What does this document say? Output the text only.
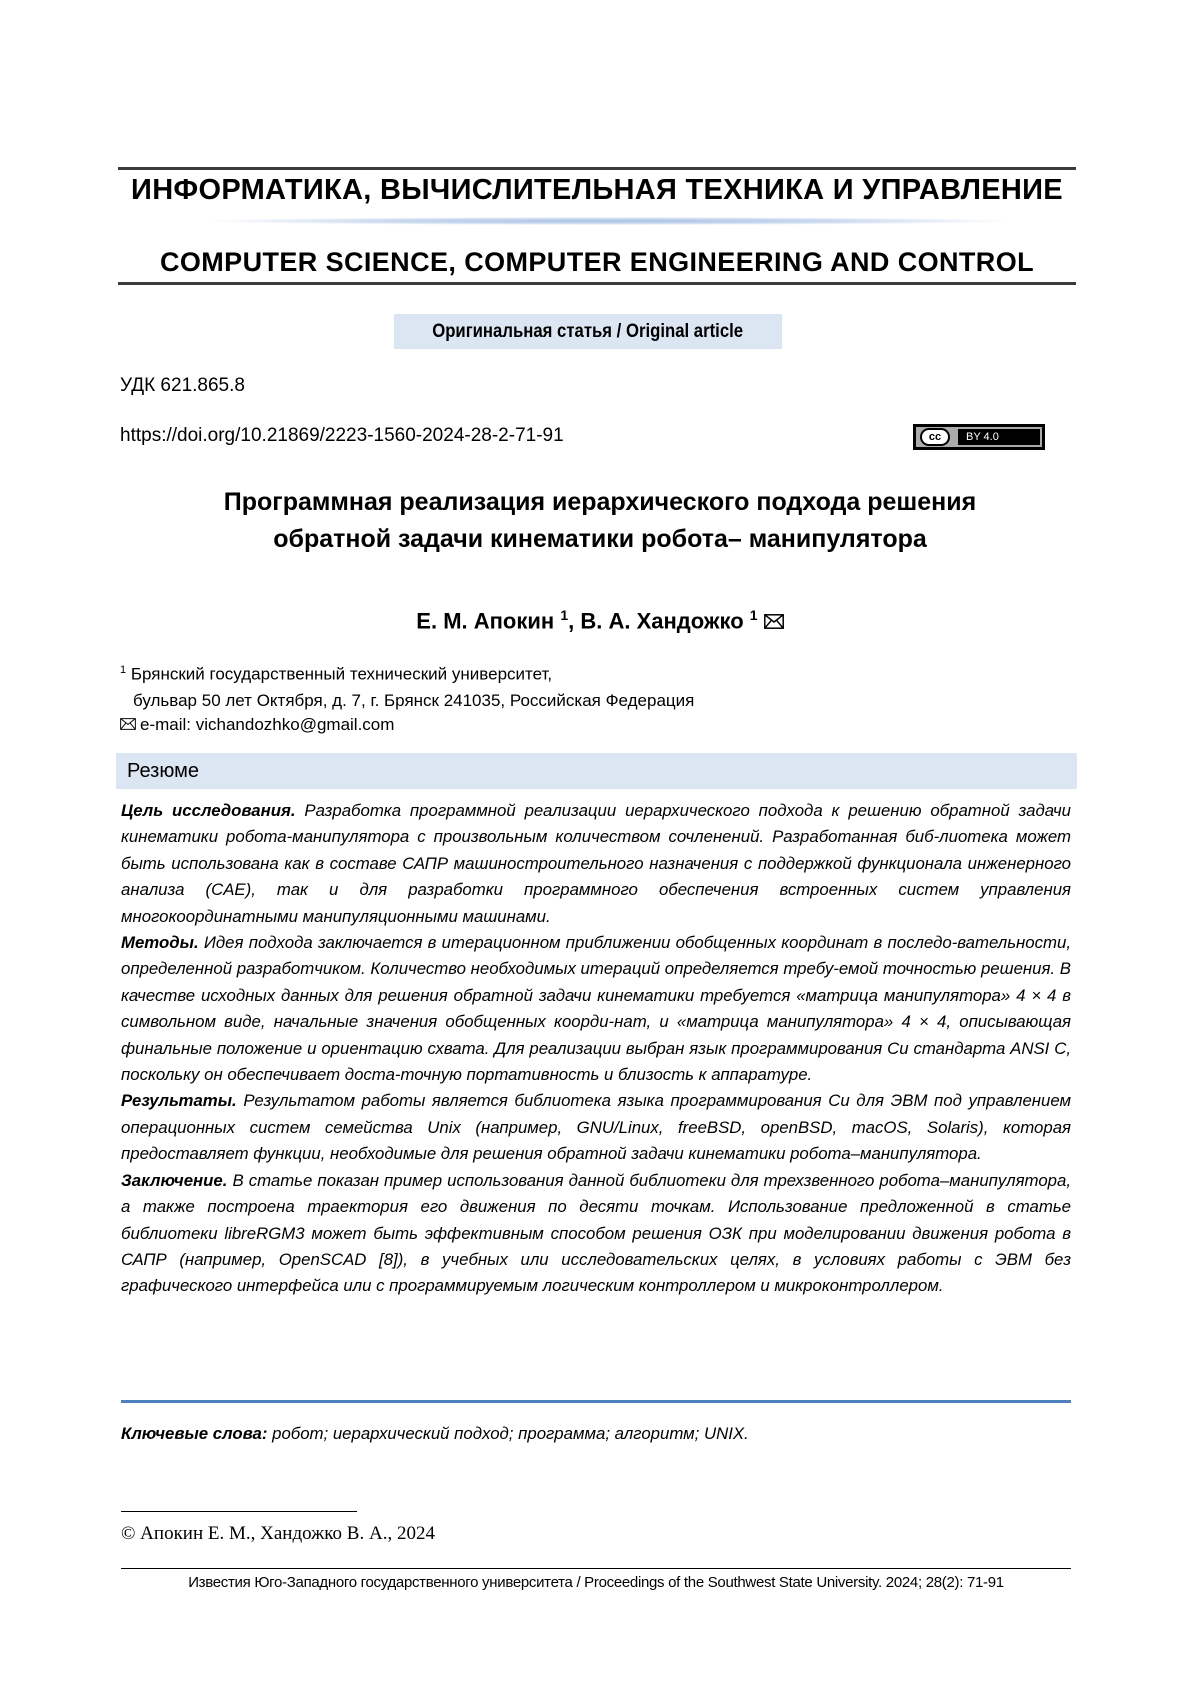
ИНФОРМАТИКА, ВЫЧИСЛИТЕЛЬНАЯ ТЕХНИКА И УПРАВЛЕНИЕ
COMPUTER SCIENCE, COMPUTER ENGINEERING AND CONTROL
Оригинальная статья / Original article
УДК 621.865.8
https://doi.org/10.21869/2223-1560-2024-28-2-71-91	cc	BY 4.0
Программная реализация иерархического подхода решения
обратной задачи кинематики робота– манипулятора
Е. М. Апокин $^1$, В. А. Хандожко $^1$
$^1$ Брянский государственный технический университет,
бульвар 50 лет Октября, д. 7, г. Брянск 241035, Российская Федерация
e-mail: vichandozhko@gmail.com
Резюме

Цель исследования. Разработка программной реализации иерархического подхода к решению обратной задачи кинематики робота-манипулятора с произвольным количеством сочленений. Разработанная биб-лиотека может быть использована как в составе САПР машиностроительного назначения с поддержкой функционала инженерного анализа (CAE), так и для разработки программного обеспечения встроенных систем управления многокоординатными манипуляционными машинами.

Методы. Идея подхода заключается в итерационном приближении обобщенных координат в последо-вательности, определенной разработчиком. Количество необходимых итераций определяется требу-емой точностью решения. В качестве исходных данных для решения обратной задачи кинематики требуется «матрица манипулятора» 4 × 4 в символьном виде, начальные значения обобщенных коорди-нат, и «матрица манипулятора» 4 × 4, описывающая финальные положение и ориентацию схвата. Для реализации выбран язык программирования Си стандарта ANSI C, поскольку он обеспечивает доста-точную портативность и близость к аппаратуре.

Результаты. Результатом работы является библиотека языка программирования Си для ЭВМ под управлением операционных систем семейства Unix (например, GNU/Linux, freeBSD, openBSD, macOS, Solaris), которая предоставляет функции, необходимые для решения обратной задачи кинематики робота–манипулятора.

Заключение. В статье показан пример использования данной библиотеки для трехзвенного робота–манипулятора, а также построена траектория его движения по десяти точкам. Использование предложенной в статье библиотеки libreRGM3 может быть эффективным способом решения ОЗК при моделировании движения робота в САПР (например, OpenSCAD [8]), в учебных или исследовательских целях, в условиях работы с ЭВМ без графического интерфейса или с программируемым логическим контроллером и микроконтроллером.

Ключевые слова: робот; иерархический подход; программа; алгоритм; UNIX.
© Апокин Е. М., Хандожко В. А., 2024
Известия Юго-Западного государственного университета / Proceedings of the Southwest State University. 2024; 28(2): 71-91
